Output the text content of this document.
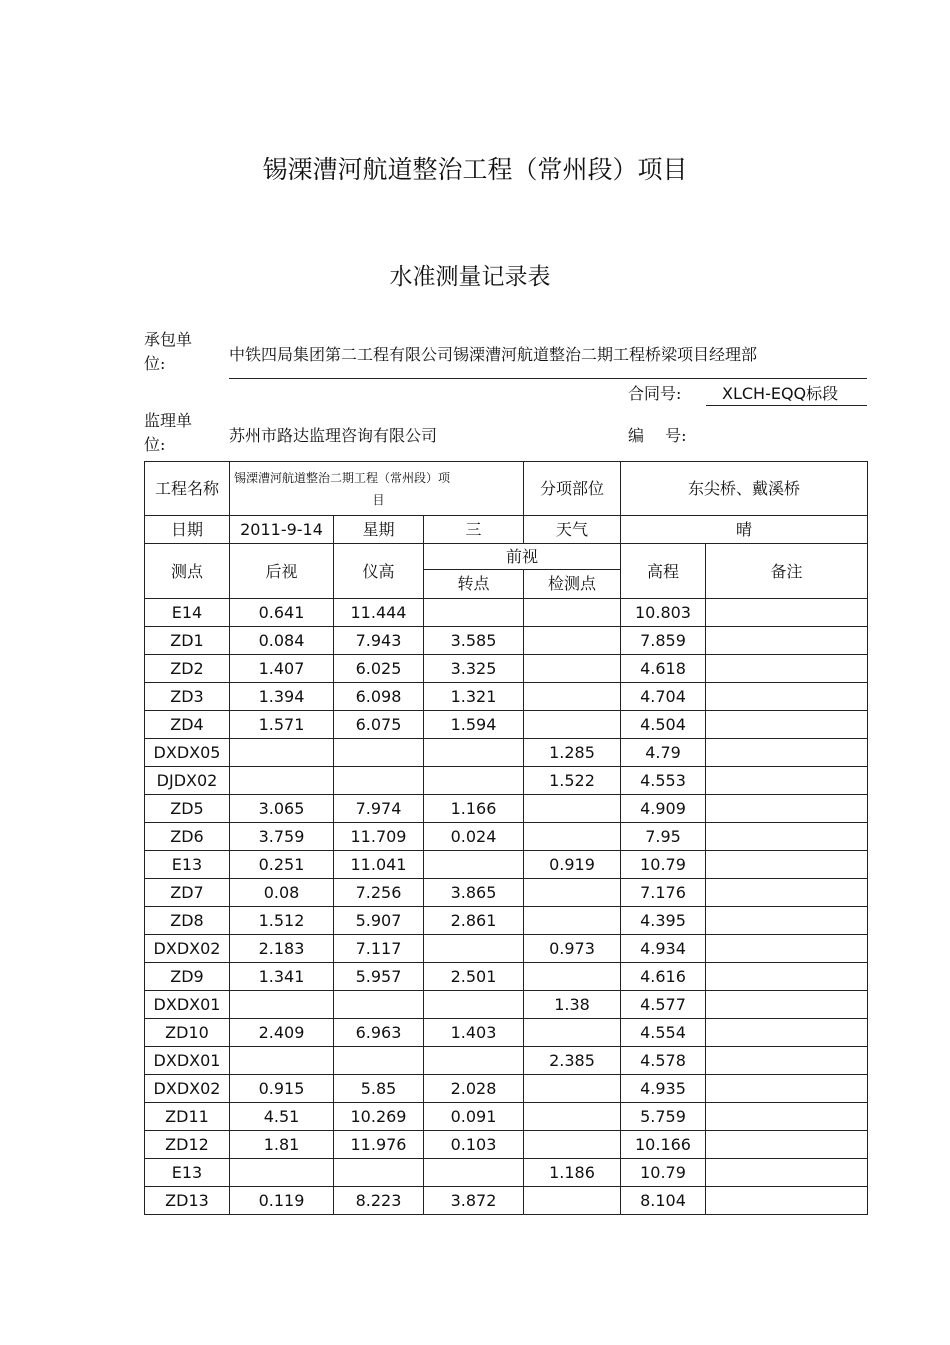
锡溧漕河航道整治工程（常州段）项目
水准测量记录表
承包单
位:	中铁四局集团第二工程有限公司锡溧漕河航道整治二期工程桥梁项目经理部
合同号:	XLCH-EQQ标段
监理单
位:	苏州市路达监理咨询有限公司	编　 号:
工程名称	锡溧漕河航道整治二期工程（常州段）项
目			分项部位	东尖桥、戴溪桥	
日期	2011-9-14	星期	三	天气	晴	
测点	后视	仪高	前视		高程	备注
			转点	检测点		
E14	0.641	11.444			10.803	
ZD1	0.084	7.943	3.585		7.859	
ZD2	1.407	6.025	3.325		4.618	
ZD3	1.394	6.098	1.321		4.704	
ZD4	1.571	6.075	1.594		4.504	
DXDX05				1.285	4.79	
DJDX02				1.522	4.553	
ZD5	3.065	7.974	1.166		4.909	
ZD6	3.759	11.709	0.024		7.95	
E13	0.251	11.041		0.919	10.79	
ZD7	0.08	7.256	3.865		7.176	
ZD8	1.512	5.907	2.861		4.395	
DXDX02	2.183	7.117		0.973	4.934	
ZD9	1.341	5.957	2.501		4.616	
DXDX01				1.38	4.577	
ZD10	2.409	6.963	1.403		4.554	
DXDX01				2.385	4.578	
DXDX02	0.915	5.85	2.028		4.935	
ZD11	4.51	10.269	0.091		5.759	
ZD12	1.81	11.976	0.103		10.166	
E13				1.186	10.79	
ZD13	0.119	8.223	3.872		8.104	
